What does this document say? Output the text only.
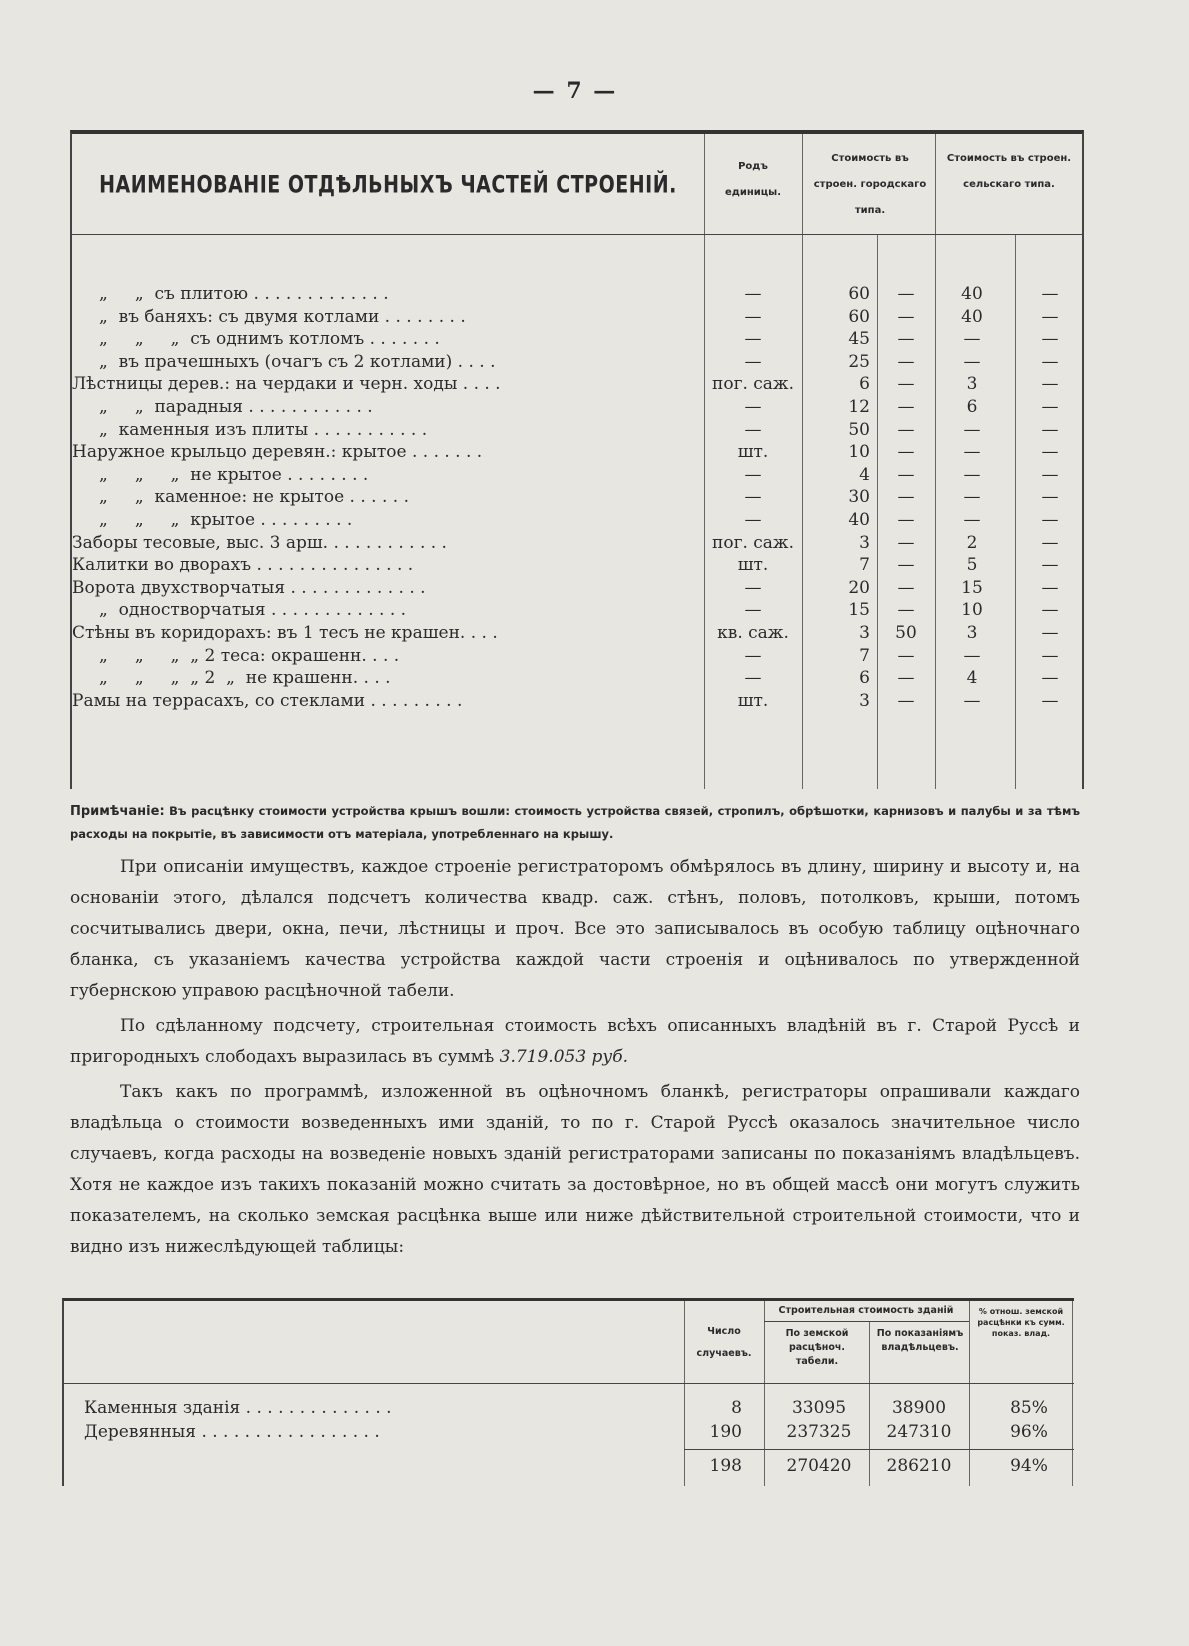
— 7 —
НАИМЕНОВАНІЕ ОТДѢЛЬНЫХЪ ЧАСТЕЙ СТРОЕНІЙ.
Родъ единицы.
Стоимость въ строен. городскаго типа.
Стоимость въ строен. сельскаго типа.
„     „  съ плитою . . . . . . . . . . . . .	—	60	—	40	—
„  въ баняхъ: съ двумя котлами . . . . . . . .	—	60	—	40	—
„     „     „  съ однимъ котломъ . . . . . . .	—	45	—	—	—
„  въ прачешныхъ (очагъ съ 2 котлами) . . . .	—	25	—	—	—
Лѣстницы дерев.: на чердаки и черн. ходы . . . .	пог. саж.	6	—	3	—
„     „  парадныя . . . . . . . . . . . .	—	12	—	6	—
„  каменныя изъ плиты . . . . . . . . . . .	—	50	—	—	—
Наружное крыльцо деревян.: крытое . . . . . . .	шт.	10	—	—	—
„     „     „  не крытое . . . . . . . .	—	4	—	—	—
„     „  каменное: не крытое . . . . . .	—	30	—	—	—
„     „     „  крытое . . . . . . . . .	—	40	—	—	—
Заборы тесовые, выс. 3 арш. . . . . . . . . . . .	пог. саж.	3	—	2	—
Калитки во дворахъ . . . . . . . . . . . . . . .	шт.	7	—	5	—
Ворота двухстворчатыя . . . . . . . . . . . . .	—	20	—	15	—
„  одностворчатыя . . . . . . . . . . . . .	—	15	—	10	—
Стѣны въ коридорахъ: въ 1 тесъ не крашен. . . .	кв. саж.	3	50	3	—
„     „     „  „ 2 теса: окрашенн. . . .	—	7	—	—	—
„     „     „  „ 2  „  не крашенн. . . .	—	6	—	4	—
Рамы на террасахъ, со стеклами . . . . . . . . .	шт.	3	—	—	—
Примѣчаніе: Въ расцѣнку стоимости устройства крышъ вошли: стоимость устройства связей, стропилъ, обрѣшотки, карнизовъ и палубы и за тѣмъ расходы на покрытіе, въ зависимости отъ матеріала, употребленнаго на крышу.
При описаніи имуществъ, каждое строеніе регистраторомъ обмѣрялось въ длину, ширину и высоту и, на основаніи этого, дѣлался подсчетъ количества квадр. саж. стѣнъ, половъ, потолковъ, крыши, потомъ сосчитывались двери, окна, печи, лѣстницы и проч. Все это записывалось въ особую таблицу оцѣночнаго бланка, съ указаніемъ качества устройства каждой части строенія и оцѣнивалось по утвержденной губернскою управою расцѣночной табели.
По сдѣланному подсчету, строительная стоимость всѣхъ описанныхъ владѣній въ г. Старой Руссѣ и пригородныхъ слободахъ выразилась въ суммѣ 3.719.053 руб.
Такъ какъ по программѣ, изложенной въ оцѣночномъ бланкѣ, регистраторы опрашивали каждаго владѣльца о стоимости возведенныхъ ими зданій, то по г. Старой Руссѣ оказалось значительное число случаевъ, когда расходы на возведеніе новыхъ зданій регистраторами записаны по показаніямъ владѣльцевъ. Хотя не каждое изъ такихъ показаній можно считать за достовѣрное, но въ общей массѣ они могутъ служить показателемъ, на сколько земская расцѣнка выше или ниже дѣйствительной строительной стоимости, что и видно изъ нижеслѣдующей таблицы:
Число случаевъ.
Строительная стоимость зданій
По земской расцѣноч. табели.
По показаніямъ владѣльцевъ.
% отнош. земской расцѣнки къ сумм. показ. влад.
Каменныя зданія . . . . . . . . . . . . . .	8	33095	38900	85%
Деревянныя . . . . . . . . . . . . . . . . .	190	237325	247310	96%
198	270420	286210	94%
